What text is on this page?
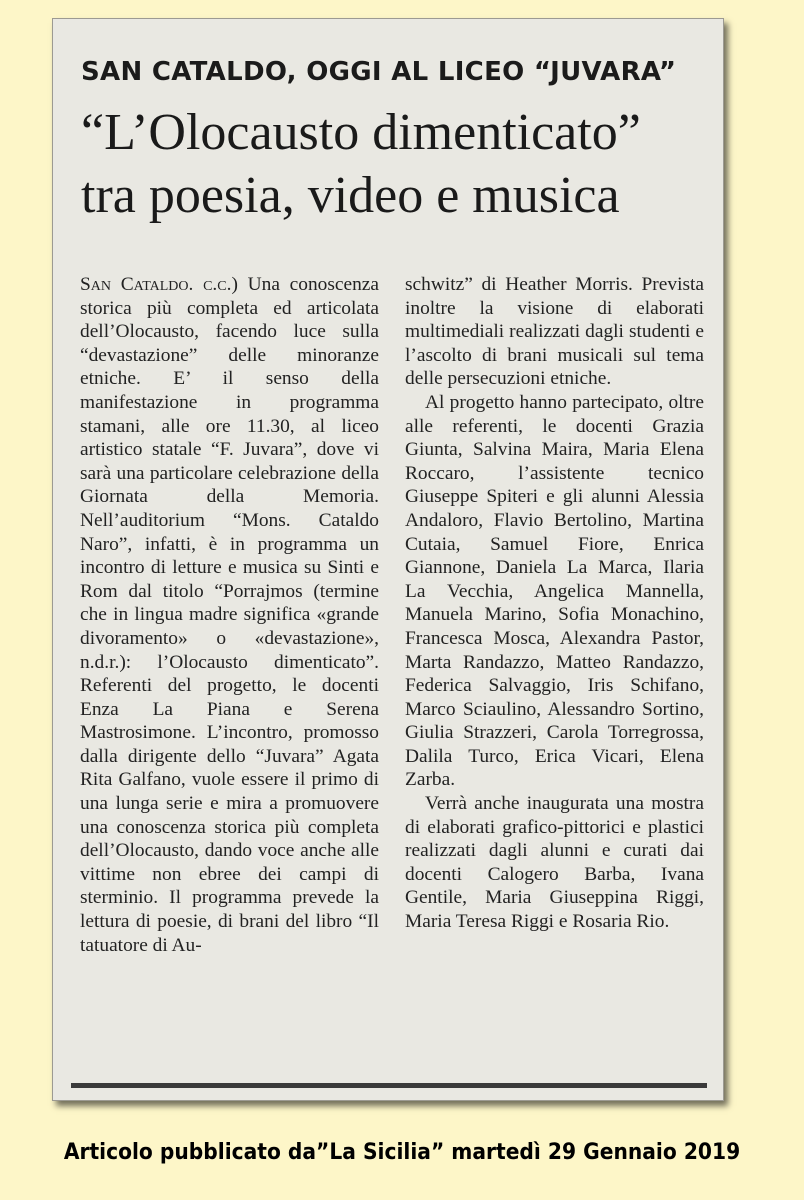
SAN CATALDO, OGGI AL LICEO “JUVARA”
“L’Olocausto dimenticato”
tra poesia, video e musica

San Cataldo. c.c.) Una conoscenza storica più completa ed articolata dell’Olocausto, facendo luce sulla “devastazione” delle minoranze etniche. E’ il senso della manifestazione in programma stamani, alle ore 11.30, al liceo artistico statale “F. Juvara”, dove vi sarà una particolare celebrazione della Giornata della Memoria. Nell’auditorium “Mons. Cataldo Naro”, infatti, è in programma un incontro di letture e musica su Sinti e Rom dal titolo “Porrajmos (termine che in lingua madre significa «grande divoramento» o «devastazione», n.d.r.): l’Olocausto dimenticato”. Referenti del progetto, le docenti Enza La Piana e Serena Mastrosimone. L’incontro, promosso dalla dirigente dello “Juvara” Agata Rita Galfano, vuole essere il primo di una lunga serie e mira a promuovere una conoscenza storica più completa dell’Olocausto, dando voce anche alle vittime non ebree dei campi di sterminio. Il programma prevede la lettura di poesie, di brani del libro “Il tatuatore di Au-

schwitz” di Heather Morris. Prevista inoltre la visione di elaborati multimediali realizzati dagli studenti e l’ascolto di brani musicali sul tema delle persecuzioni etniche.

Al progetto hanno partecipato, oltre alle referenti, le docenti Grazia Giunta, Salvina Maira, Maria Elena Roccaro, l’assistente tecnico Giuseppe Spiteri e gli alunni Alessia Andaloro, Flavio Bertolino, Martina Cutaia, Samuel Fiore, Enrica Giannone, Daniela La Marca, Ilaria La Vecchia, Angelica Mannella, Manuela Marino, Sofia Monachino, Francesca Mosca, Alexandra Pastor, Marta Randazzo, Matteo Randazzo, Federica Salvaggio, Iris Schifano, Marco Sciaulino, Alessandro Sortino, Giulia Strazzeri, Carola Torregrossa, Dalila Turco, Erica Vicari, Elena Zarba.

Verrà anche inaugurata una mostra di elaborati grafico-pittorici e plastici realizzati dagli alunni e curati dai docenti Calogero Barba, Ivana Gentile, Maria Giuseppina Riggi, Maria Teresa Riggi e Rosaria Rio.

Articolo pubblicato da”La Sicilia” martedì 29 Gennaio 2019
